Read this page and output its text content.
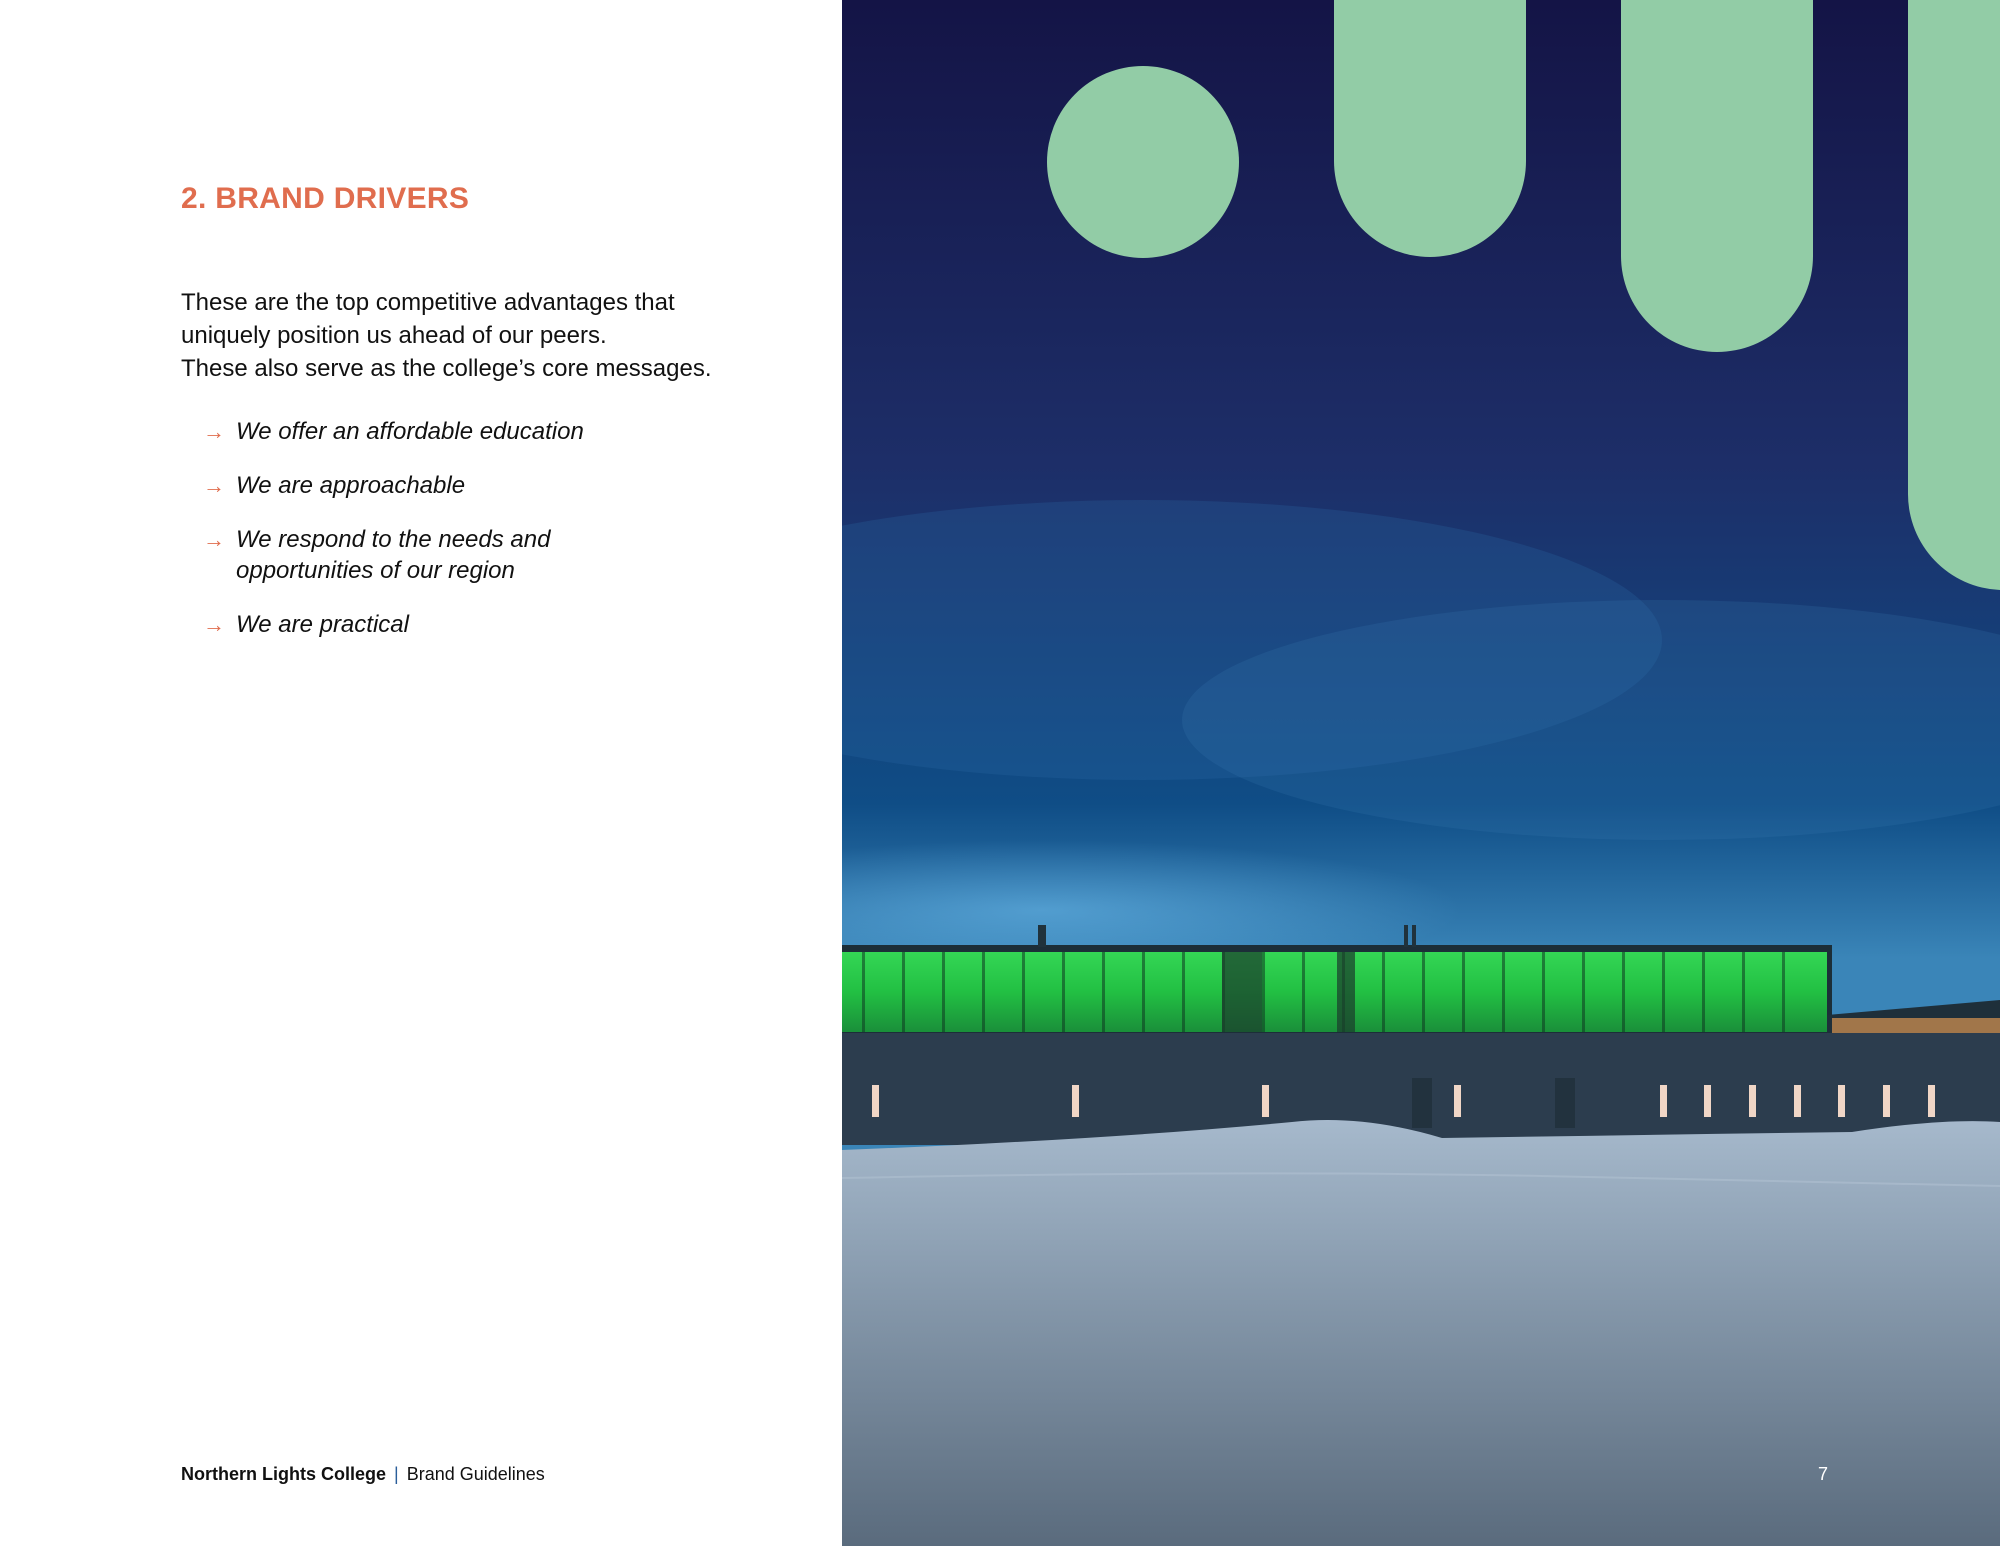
2. BRAND DRIVERS

These are the top competitive advantages that

uniquely position us ahead of our peers.

These also serve as the college’s core messages.

→ We offer an affordable education
→ We are approachable
→ We respond to the needs and opportunities of our region
→ We are practical
Northern Lights College | Brand Guidelines	7
